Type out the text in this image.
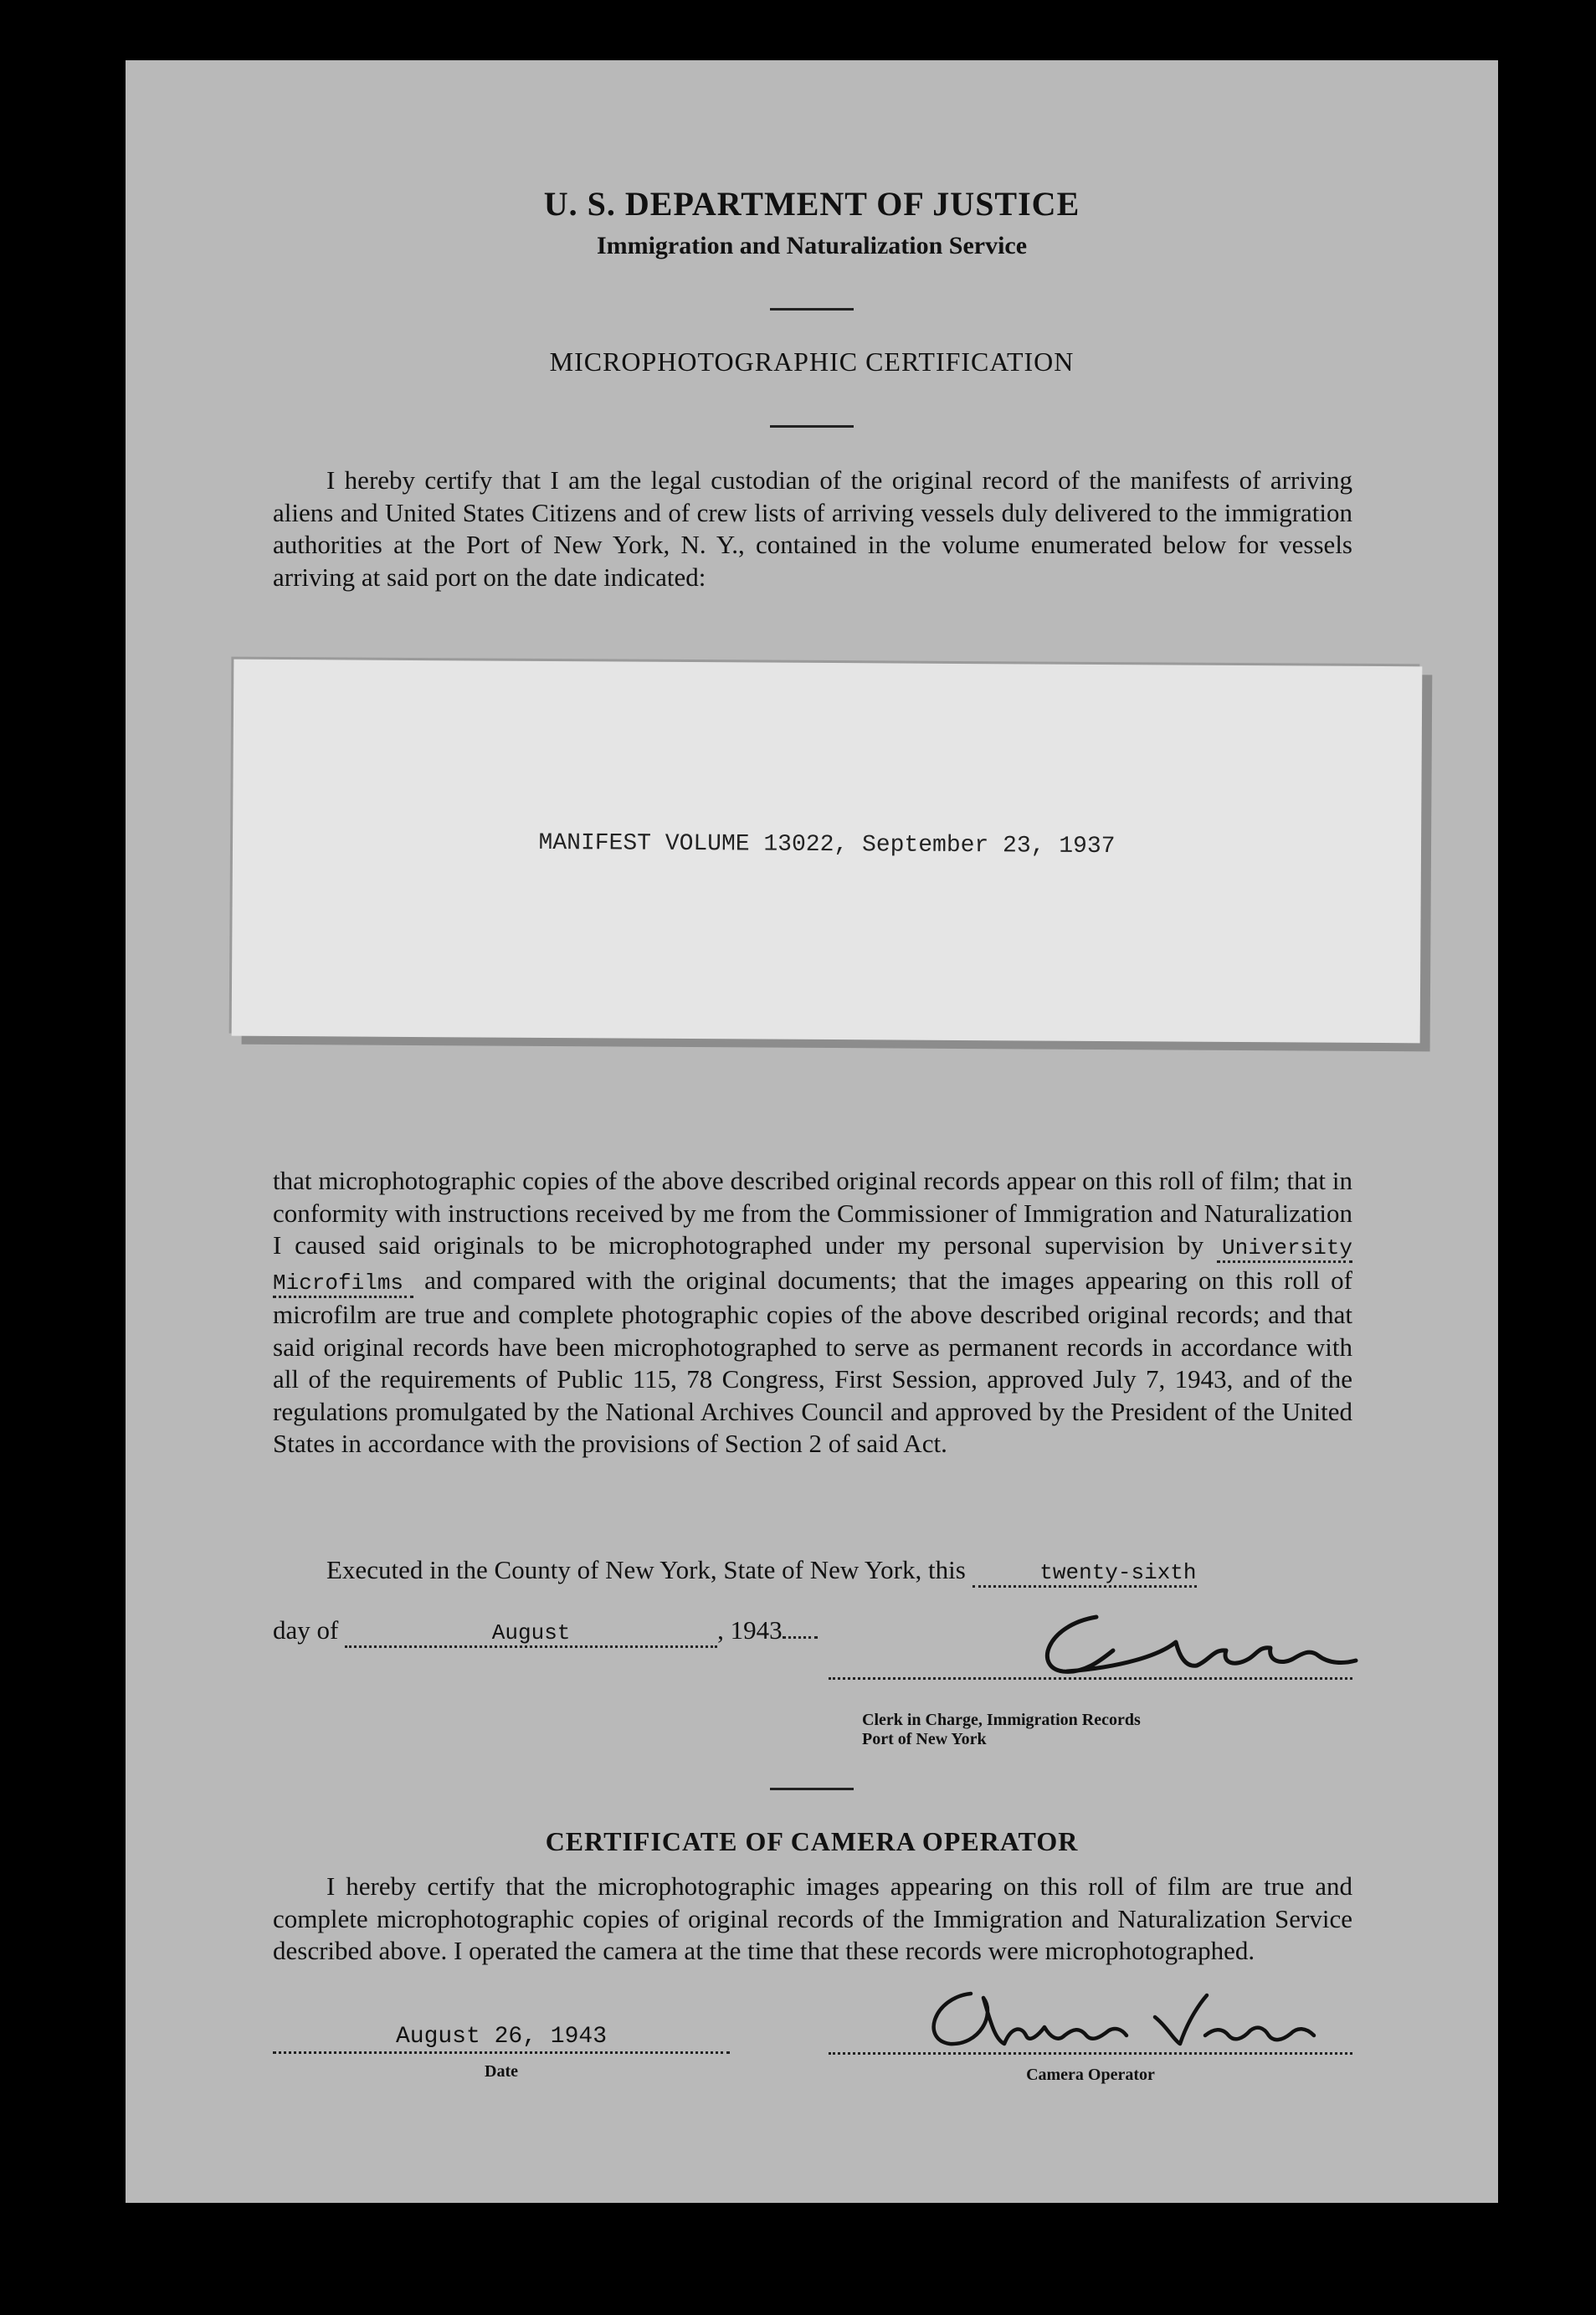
U. S. DEPARTMENT OF JUSTICE
Immigration and Naturalization Service
MICROPHOTOGRAPHIC CERTIFICATION

I hereby certify that I am the legal custodian of the original record of the manifests of arriving aliens and United States Citizens and of crew lists of arriving vessels duly delivered to the immigration authorities at the Port of New York, N. Y., contained in the volume enumerated below for vessels arriving at said port on the date indicated:

MANIFEST VOLUME 13022, September 23, 1937

that microphotographic copies of the above described original records appear on this roll of film; that in conformity with instructions received by me from the Commissioner of Immigration and Naturalization I caused said originals to be microphotographed under my personal supervision by University Microfilms and compared with the original documents; that the images appearing on this roll of microfilm are true and complete photographic copies of the above described original records; and that said original records have been microphotographed to serve as permanent records in accordance with all of the requirements of Public 115, 78 Congress, First Session, approved July 7, 1943, and of the regulations promulgated by the National Archives Council and approved by the President of the United States in accordance with the provisions of Section 2 of said Act.

Executed in the County of New York, State of New York, this	twenty-sixth
day of	August	, 1943
Clerk in Charge, Immigration Records
Port of New York
CERTIFICATE OF CAMERA OPERATOR

I hereby certify that the microphotographic images appearing on this roll of film are true and complete microphotographic copies of original records of the Immigration and Naturalization Service described above. I operated the camera at the time that these records were microphotographed.

August 26, 1943
Date	Camera Operator
